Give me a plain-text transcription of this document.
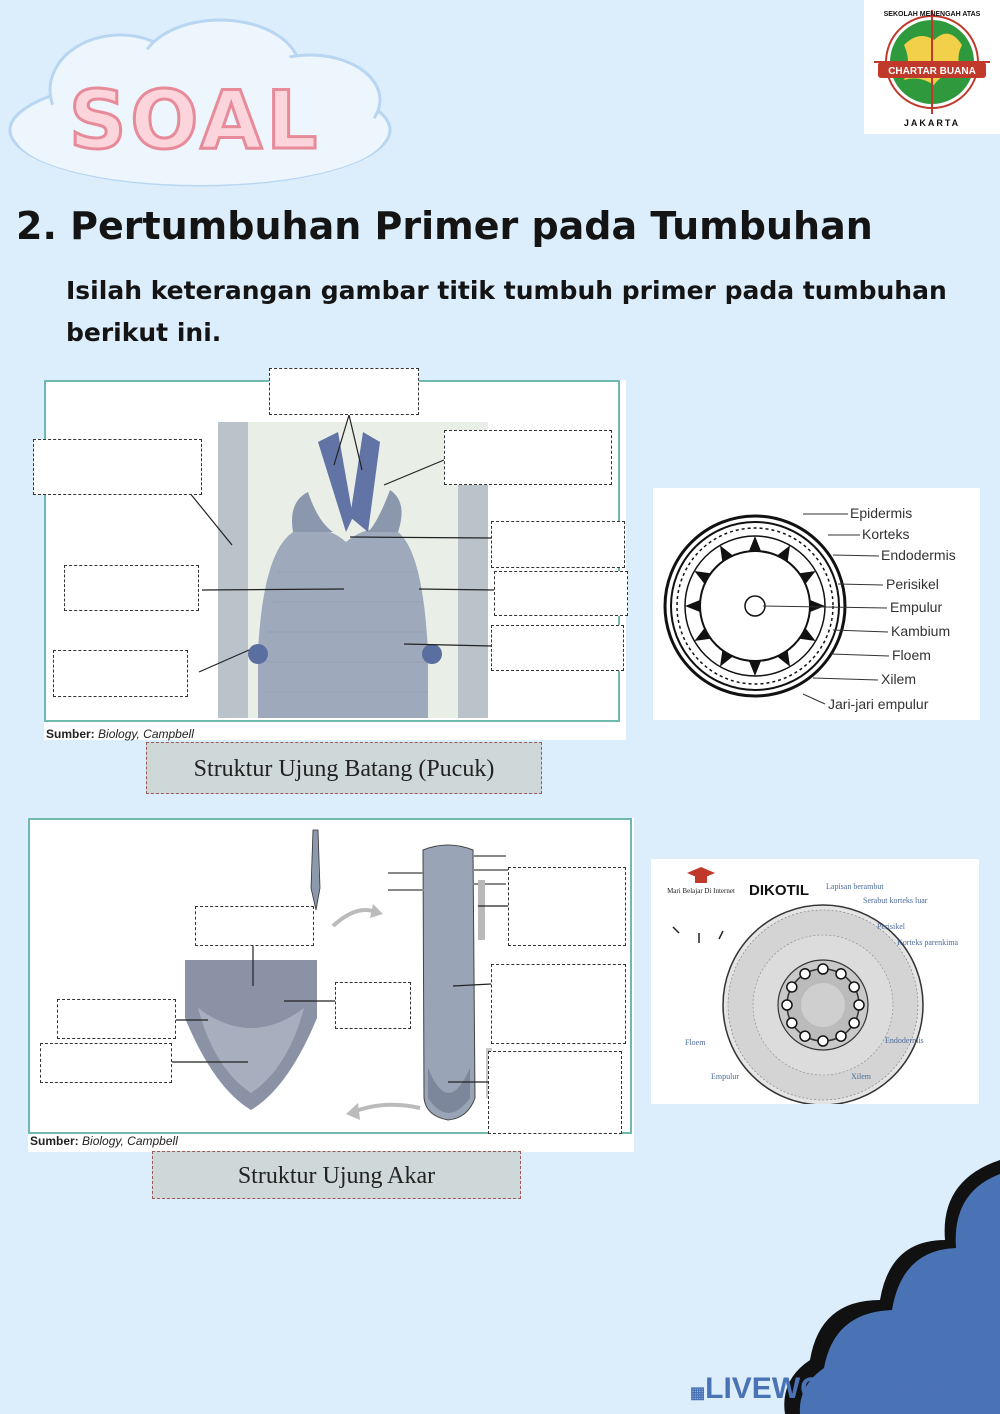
SOAL
CHARTAR BUANA
SEKOLAH MENENGAH ATAS
JAKARTA
2. Pertumbuhan Primer pada Tumbuhan
Isilah keterangan gambar titik tumbuh primer pada tumbuhan berikut ini.
Sumber: Biology, Campbell
Struktur Ujung Batang (Pucuk)
Epidermis
Korteks
Endodermis
Perisikel
Empulur
Kambium
Floem
Xilem
Jari-jari empulur
Sumber: Biology, Campbell
Struktur Ujung Akar
Mari Belajar Di Internet DIKOTIL Lapisan berambut
Serabut korteks luar
Perisikel
Korteks parenkima
Endodermis
Xilem
Empulur
Floem
▦LIVEWORKSHEETS
